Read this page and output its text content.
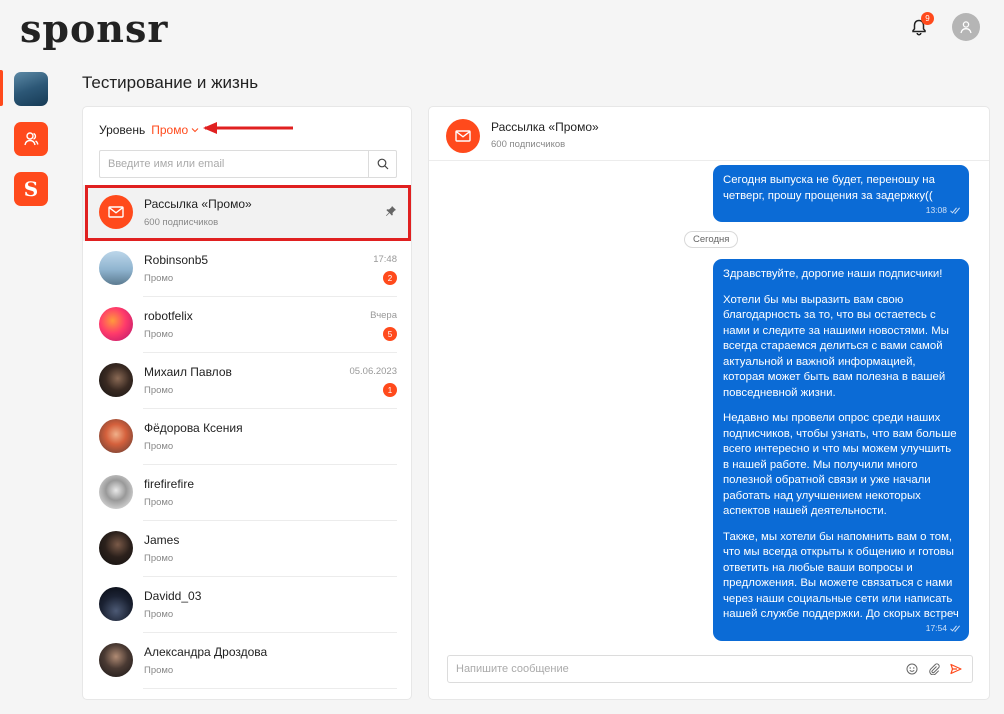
sponsr	9
S
Тестирование и жизнь
Уровень Промо
Введите имя или email
Рассылка «Промо»
600 подписчиков
Robinsonb5
Промо
17:48
2
robotfelix
Промо
Вчера
5
Михаил Павлов
Промо
05.06.2023
1
Фёдорова Ксения
Промо
firefirefire
Промо
James
Промо
Davidd_03
Промо
Александра Дроздова
Промо
Рассылка «Промо»
600 подписчиков

Сегодня выпуска не будет, переношу на четверг, прошу прощения за задержку((

13:08
Сегодня

Здравствуйте, дорогие наши подписчики!

Хотели бы мы выразить вам свою благодарность за то, что вы остаетесь с нами и следите за нашими новостями. Мы всегда стараемся делиться с вами самой актуальной и важной информацией, которая может быть вам полезна в вашей повседневной жизни.

Недавно мы провели опрос среди наших подписчиков, чтобы узнать, что вам больше всего интересно и что мы можем улучшить в нашей работе. Мы получили много полезной обратной связи и уже начали работать над улучшением некоторых аспектов нашей деятельности.

Также, мы хотели бы напомнить вам о том, что мы всегда открыты к общению и готовы ответить на любые ваши вопросы и предложения. Вы можете связаться с нами через наши социальные сети или написать нашей службе поддержки. До скорых встреч

17:54
Напишите сообщение
